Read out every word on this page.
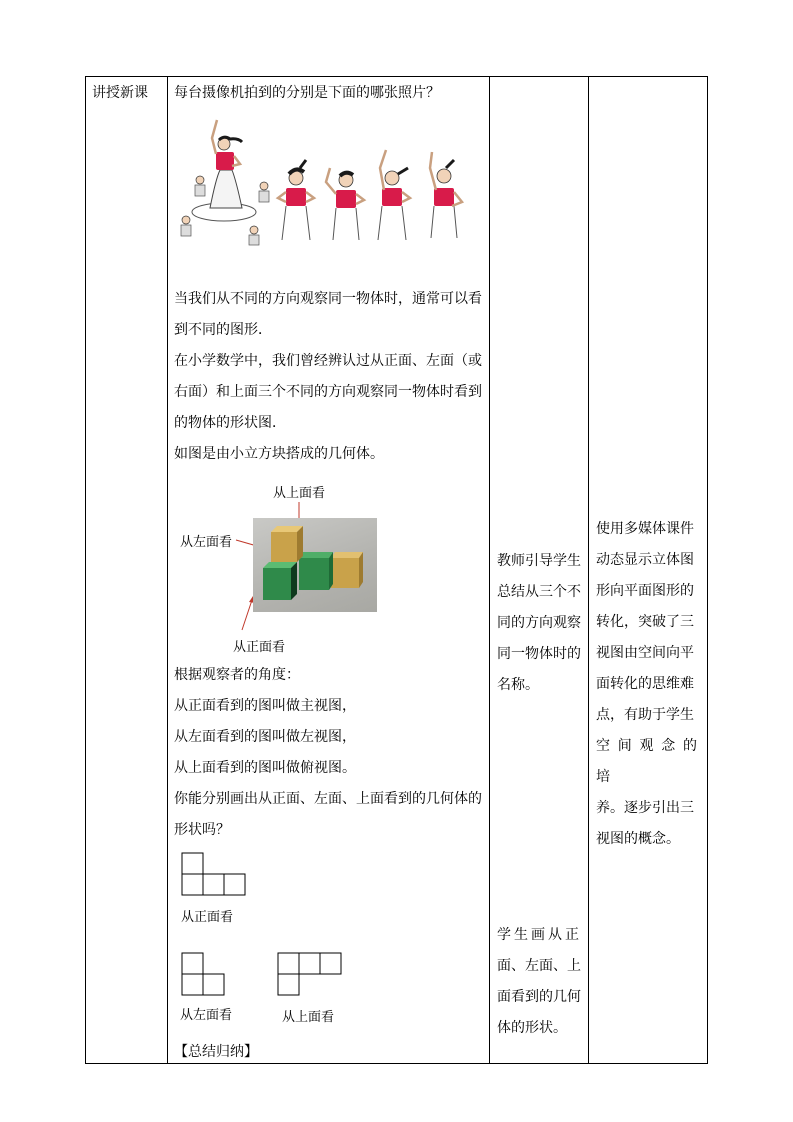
讲授新课 每台摄像机拍到的分别是下面的哪张照片？

当我们从不同的方向观察同一物体时，通常可以看

到不同的图形．

在小学数学中，我们曾经辨认过从正面、左面（或

右面）和上面三个不同的方向观察同一物体时看到

的物体的形状图．

如图是由小立方块搭成的几何体。

从上面看
从左面看
从正面看

根据观察者的角度：

从正面看到的图叫做主视图，

从左面看到的图叫做左视图，

从上面看到的图叫做俯视图。

你能分别画出从正面、左面、上面看到的几何体的

形状吗？

从正面看
从左面看	从上面看
【总结归纳】
教师引导学生
总结从三个不
同的方向观察
同一物体时的
名称。
学生画从正
面、左面、上
面看到的几何
体的形状。
使用多媒体课件
动态显示立体图
形向平面图形的
转化，突破了三
视图由空间向平
面转化的思维难
点，有助于学生
空间观念的培
养。逐步引出三
视图的概念。
